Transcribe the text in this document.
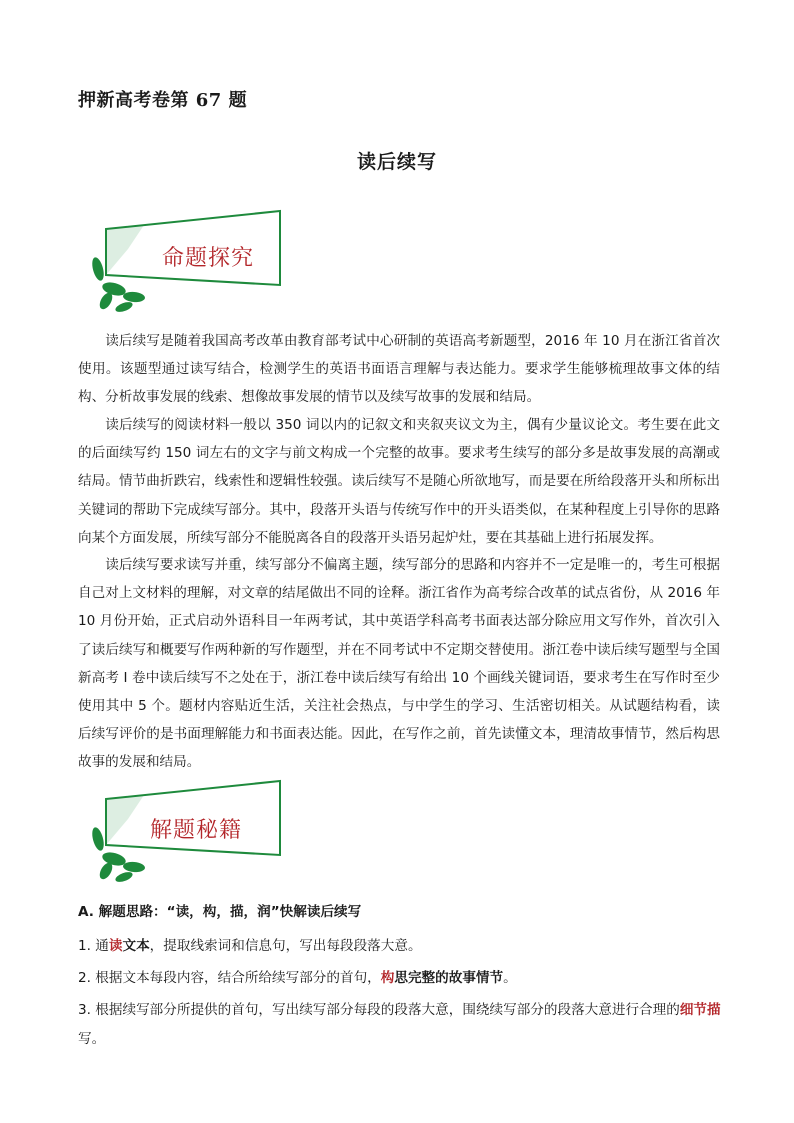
押新高考卷第 67 题
读后续写
命题探究

读后续写是随着我国高考改革由教育部考试中心研制的英语高考新题型，2016 年 10 月在浙江省首次使用。该题型通过读写结合，检测学生的英语书面语言理解与表达能力。要求学生能够梳理故事文体的结构、分析故事发展的线索、想像故事发展的情节以及续写故事的发展和结局。

读后续写的阅读材料一般以 350 词以内的记叙文和夹叙夹议文为主，偶有少量议论文。考生要在此文的后面续写约 150 词左右的文字与前文构成一个完整的故事。要求考生续写的部分多是故事发展的高潮或结局。情节曲折跌宕，线索性和逻辑性较强。读后续写不是随心所欲地写，而是要在所给段落开头和所标出关键词的帮助下完成续写部分。其中，段落开头语与传统写作中的开头语类似，在某种程度上引导你的思路向某个方面发展，所续写部分不能脱离各自的段落开头语另起炉灶，要在其基础上进行拓展发挥。

读后续写要求读写并重，续写部分不偏离主题，续写部分的思路和内容并不一定是唯一的，考生可根据自己对上文材料的理解，对文章的结尾做出不同的诠释。浙江省作为高考综合改革的试点省份，从 2016 年 10 月份开始，正式启动外语科目一年两考试，其中英语学科高考书面表达部分除应用文写作外，首次引入了读后续写和概要写作两种新的写作题型，并在不同考试中不定期交替使用。浙江卷中读后续写题型与全国新高考 I 卷中读后续写不之处在于，浙江卷中读后续写有给出 10 个画线关键词语，要求考生在写作时至少使用其中 5 个。题材内容贴近生活，关注社会热点，与中学生的学习、生活密切相关。从试题结构看，读后续写评价的是书面理解能力和书面表达能。因此，在写作之前，首先读懂文本，理清故事情节，然后构思故事的发展和结局。

解题秘籍
A. 解题思路：“读，构，描，润”快解读后续写

1. 通读文本，提取线索词和信息句，写出每段段落大意。

2. 根据文本每段内容，结合所给续写部分的首句，构思完整的故事情节。

3. 根据续写部分所提供的首句，写出续写部分每段的段落大意，围绕续写部分的段落大意进行合理的细节描写。
